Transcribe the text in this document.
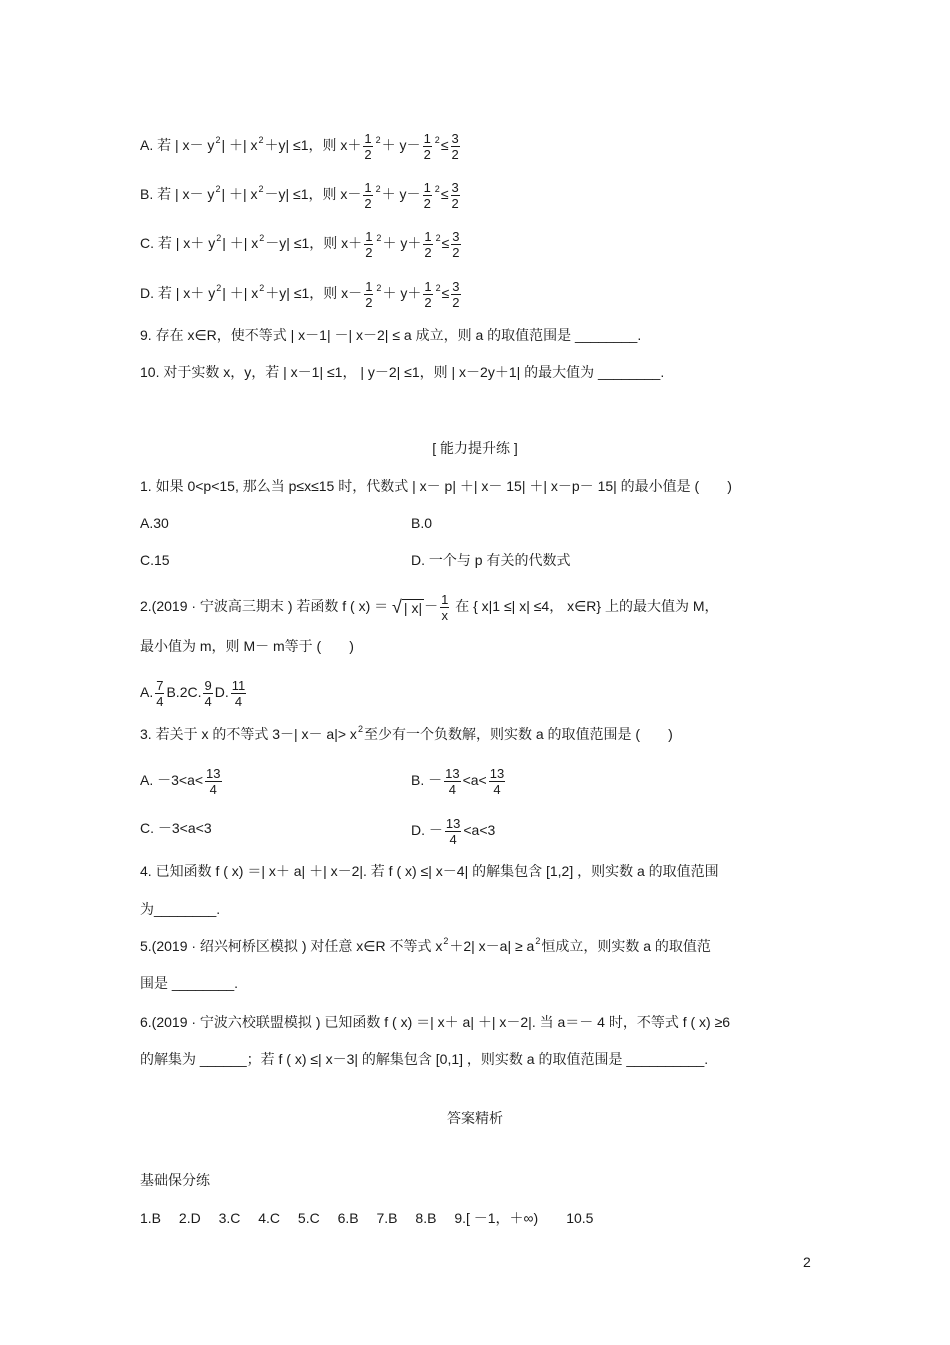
A. 若 | $x- y^2|$ ＋| $x^2+y| \le 1$，则 $x+ \frac{1}{2} ^2+ y- \frac{1}{2} ^2\le \frac{3}{2}$
B. 若 | $x- y^2|$ ＋| $x^2-y| \le 1$，则 $x- \frac{1}{2} ^2+ y- \frac{1}{2} ^2\le \frac{3}{2}$
C. 若 | $x+ y^2|$ ＋| $x^2-y| \le 1$，则 $x+ \frac{1}{2} ^2+ y+ \frac{1}{2} ^2\le \frac{3}{2}$
D. 若 | $x+ y^2|$ ＋| $x^2+y| \le 1$，则 $x- \frac{1}{2} ^2+ y+ \frac{1}{2} ^2\le \frac{3}{2}$
9. 存在 x∈R，使不等式 | x－1| －| x－2| ≤ a 成立，则 a 的取值范围是 ________.
10. 对于实数 x，y，若 | x－1| ≤1， | y－2| ≤1，则 | x－2y＋1| 的最大值为 ________.
[ 能力提升练 ]
1. 如果 0<p<15, 那么当 p≤x≤15 时，代数式 | x－ p| ＋| x－ 15| ＋| x－p－ 15| 的最小值是 (　　)
A.30	B.0
C.15	D. 一个与 p 有关的代数式
2.(2019 · 宁波高三期末 ) 若函数 f ( x) ＝ √ | $x| - \frac{1}{x}$ 在 { x|1 ≤| x| ≤4， x∈R} 上的最大值为 M，
最小值为 m，则 M－ m等于 (　　)
A. $\frac{7}{4} B.2C$. $\frac{9}{4} D$. $\frac{11}{4}$
3. 若关于 x 的不等式 3－| $x- a|> x^2$至少有一个负数解，则实数 a 的取值范围是 (　　)
A. $-3<a< \frac{13}{4}$	B. － $\frac{13}{4} <a< \frac{13}{4}$
C. －3<a<3	D. － $\frac{13}{4} <a<3$
4. 已知函数 f ( x) ＝| x＋ a| ＋| x－2|. 若 f ( x) ≤| x－4| 的解集包含 [1,2] ，则实数 a 的取值范围
为________.
5.(2019 · 绍兴柯桥区模拟 ) 对任意 x∈R 不等式 $x^2+2|$ $x-a| \ge a^2$恒成立，则实数 a 的取值范
围是 ________.
6.(2019 · 宁波六校联盟模拟 ) 已知函数 f ( x) ＝| x＋ a| ＋| x－2|. 当 a＝－ 4 时，不等式 f ( x) ≥6
的解集为 ______；若 f ( x) ≤| x－3| 的解集包含 [0,1] ，则实数 a 的取值范围是 __________.
答案精析
基础保分练
1.B　 2.D　 3.C　 4.C　 5.C　 6.B　 7.B　 8.B　 9.[ －1，＋∞)　　10.5
2
